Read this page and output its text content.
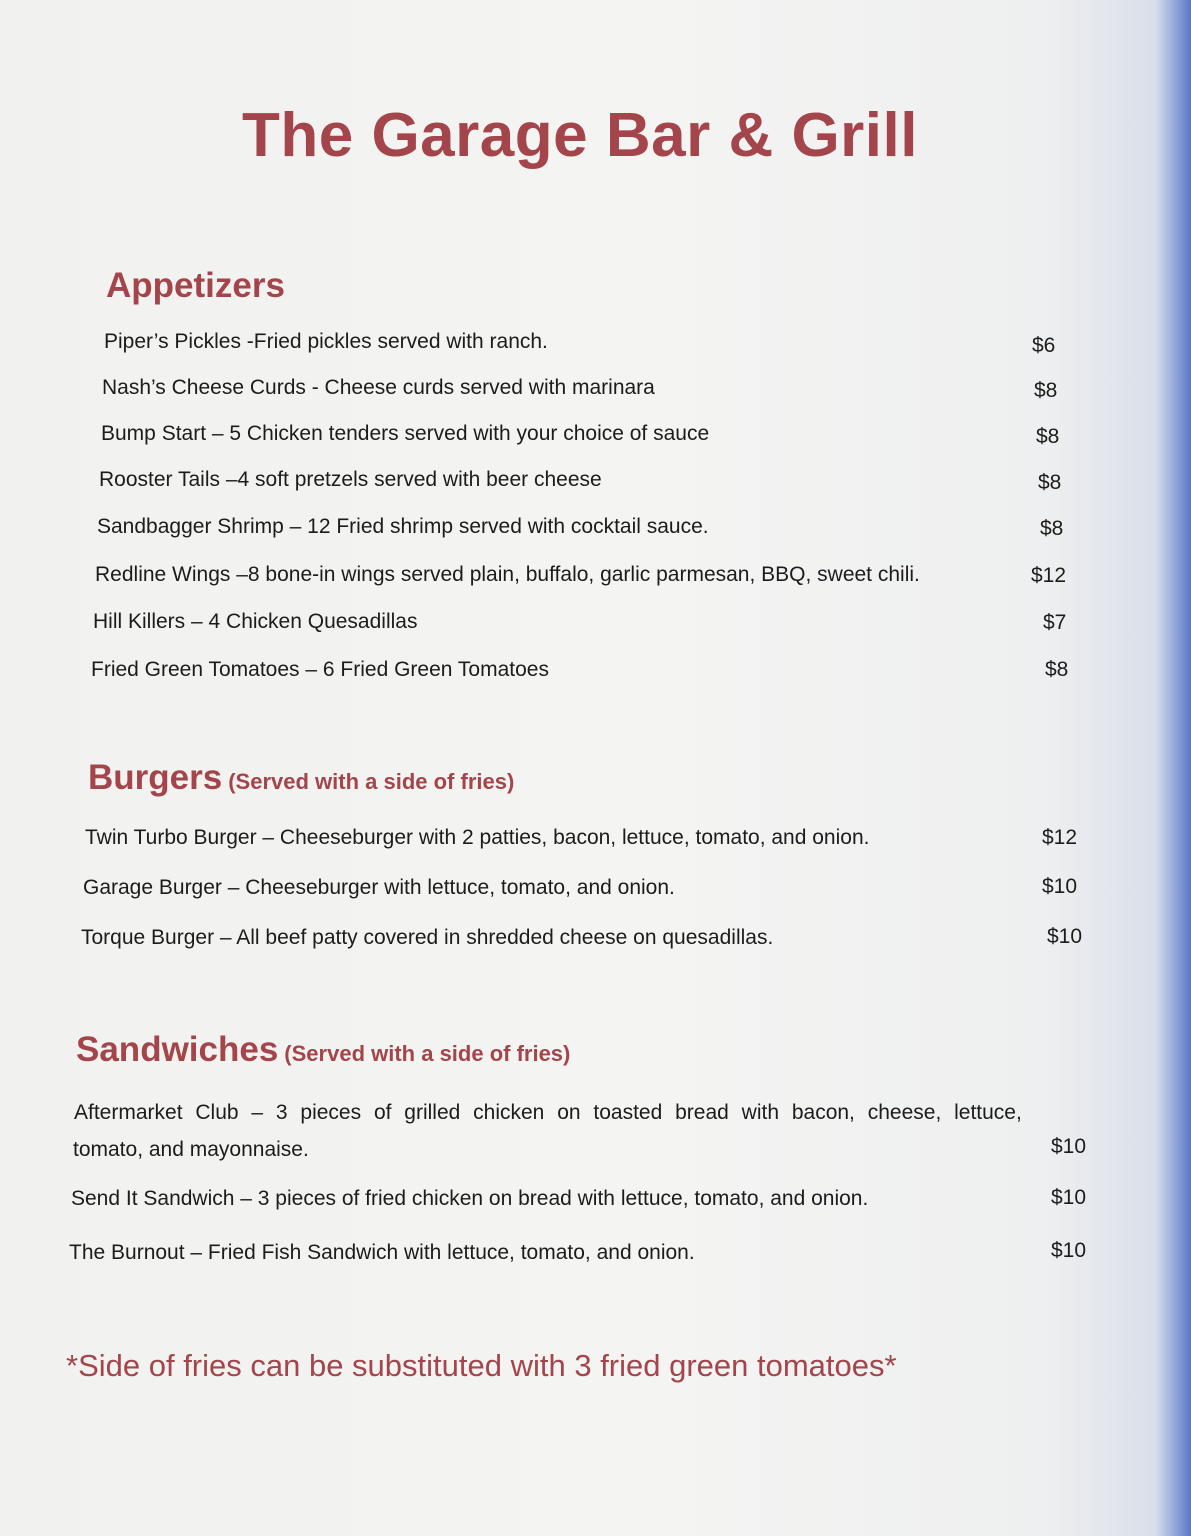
The Garage Bar & Grill
Appetizers
Piper’s Pickles -Fried pickles served with ranch.	$6
Nash’s Cheese Curds - Cheese curds served with marinara	$8
Bump Start – 5 Chicken tenders served with your choice of sauce	$8
Rooster Tails –4 soft pretzels served with beer cheese	$8
Sandbagger Shrimp – 12 Fried shrimp served with cocktail sauce.	$8
Redline Wings –8 bone-in wings served plain, buffalo, garlic parmesan, BBQ, sweet chili.	$12
Hill Killers – 4 Chicken Quesadillas	$7
Fried Green Tomatoes – 6 Fried Green Tomatoes	$8
Burgers (Served with a side of fries)
Twin Turbo Burger – Cheeseburger with 2 patties, bacon, lettuce, tomato, and onion.	$12
Garage Burger – Cheeseburger with lettuce, tomato, and onion.	$10
Torque Burger – All beef patty covered in shredded cheese on quesadillas.	$10
Sandwiches (Served with a side of fries)
Aftermarket Club – 3 pieces of grilled chicken on toasted bread with bacon, cheese, lettuce,
tomato, and mayonnaise.	$10
Send It Sandwich – 3 pieces of fried chicken on bread with lettuce, tomato, and onion.	$10
The Burnout – Fried Fish Sandwich with lettuce, tomato, and onion.	$10
*Side of fries can be substituted with 3 fried green tomatoes*
